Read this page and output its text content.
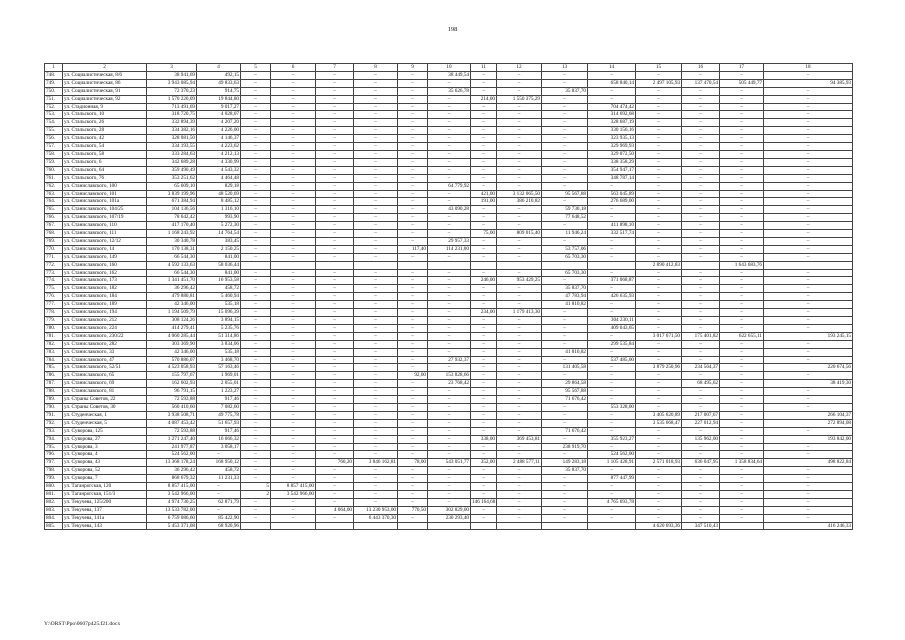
198
1	2	3	4	5	6	7	8	9	10	11	12	13	14	15	16	17	18
748.	ул. Социалистическая, 8/6	38 941,69	492,15	–	–	–	–	–	38 449,54	–	–	–	–	–	–	–	–
749.	ул. Социалистическая, 86	3 943 085,94	49 833,63	–	–	–	–	–	–	–	–	–	658 840,14	2 497 105,93	137 470,54	505 449,77	94 385,93
750.	ул. Социалистическая, 91	72 370,23	914,75	–	–	–	–	–	35 626,78	–	–	35 837,70	–	–	–	–	–
751.	ул. Социалистическая, 92	1 570 220,09	19 844,80	–	–	–	–	–	–	214,00	1 550 375,29	–	–	–	–	–	–
752.	ул. Стадионная, 9	713 491,69	9 017,27	–	–	–	–	–	–	–	–	–	704 474,42	–	–	–	–
753.	ул. Стальского, 10	318 720,75	4 028,07	–	–	–	–	–	–	–	–	–	314 692,68	–	–	–	–
754.	ул. Стальского, 26	332 894,39	4 207,20	–	–	–	–	–	–	–	–	–	328 687,19	–	–	–	–
755.	ул. Стальского, 28	334 382,16	4 226,00	–	–	–	–	–	–	–	–	–	330 156,16	–	–	–	–
756.	ул. Стальского, 42	328 081,50	4 146,37	–	–	–	–	–	–	–	–	–	323 935,13	–	–	–	–
757.	ул. Стальского, 54	334 193,55	4 223,62	–	–	–	–	–	–	–	–	–	329 969,93	–	–	–	–
758.	ул. Стальского, 58	333 284,63	4 212,13	–	–	–	–	–	–	–	–	–	329 072,50	–	–	–	–
759.	ул. Стальского, 6	342 689,28	4 330,99	–	–	–	–	–	–	–	–	–	338 358,29	–	–	–	–
760.	ул. Стальского, 64	359 490,49	4 543,32	–	–	–	–	–	–	–	–	–	354 947,17	–	–	–	–
761.	ул. Стальского, 76	353 251,62	4 464,48	–	–	–	–	–	–	–	–	–	348 787,14	–	–	–	–
762.	ул. Станиславского, 100	65 609,10	829,18	–	–	–	–	–	64 779,92	–	–	–	–	–	–	–	–
763.	ул. Станиславского, 101	3 839 199,96	48 520,69	–	–	–	–	–	–	421,00	3 132 065,50	95 567,88	563 045,89	–	–	–	–
764.	ул. Станиславского, 101а	671 384,94	8 485,12	–	–	–	–	–	–	191,00	386 210,82	–	276 689,00	–	–	–	–
765.	ул. Станиславского, 104/25	104 136,56	1 316,10	–	–	–	–	–	43 090,28	–	–	59 730,18	–	–	–	–	–
766.	ул. Станиславского, 107/19	78 642,42	993,90	–	–	–	–	–	–	–	–	77 648,52	–	–	–	–	–
767.	ул. Станиславского, 110	417 170,40	5 272,30	–	–	–	–	–	–	–	–	–	411 898,10	–	–	–	–
768.	ул. Станиславского, 111	1 168 243,92	14 764,54	–	–	–	–	–	–	75,00	809 015,40	11 946,24	332 517,74	–	–	–	–
769.	ул. Станиславского, 12/12	30 340,78	383,45	–	–	–	–	–	29 957,33	–	–	–	–	–	–	–	–
770.	ул. Станиславского, 14	170 138,31	2 150,25	–	–	–	–	117,40	114 231,00	–	–	53 757,06	–	–	–	–	–
771.	ул. Станиславского, 149	66 544,30	841,00	–	–	–	–	–	–	–	–	65 703,30	–	–	–	–	–
772.	ул. Станиславского, 160	4 592 133,63	58 036,44											2 890 412,83		1 643 683,76	
773.	ул. Станиславского, 162	66 544,30	841,00	–	–	–	–	–	–	–	–	65 703,30	–	–	–	–	–
774.	ул. Станиславского, 173	1 341 451,70	16 953,58	–	–	–	–	–	–	246,00	953 429,25	–	371 068,87	–	–	–	–
775.	ул. Станиславского, 182	36 296,42	458,72	–	–	–	–	–	–	–	–	35 837,70	–	–	–	–	–
776.	ул. Станиславского, 184	479 880,81	5 460,94	–	–	–	–	–	–	–	–	47 783,94	426 635,93	–	–	–	–
777.	ул. Станиславского, 189	42 346,00	535,18	–	–	–	–	–	–	–	–	41 810,82	–	–	–	–	–
778.	ул. Станиславского, 194	1 194 509,79	15 096,39	–	–	–	–	–	–	234,00	1 179 413,30	–	–	–	–	–	–
779.	ул. Станиславского, 212	308 124,26	3 894,15	–	–	–	–	–	–	–	–	–	304 230,11	–	–	–	–
780.	ул. Станиславского, 224	414 279,41	5 235,76	–	–	–	–	–	–	–	–	–	409 043,65	–	–	–	–
781.	ул. Станиславского, 230/22	4 060 285,44	51 314,86	–	–	–	–	–	–	–	–	–	–	3 017 671,50	175 401,82	622 655,11	193 245,15
782.	ул. Станиславского, 282	303 369,90	3 834,06	–	–	–	–	–	–	–	–	–	299 535,84	–	–	–	–
783.	ул. Станиславского, 33	42 346,00	535,18	–	–	–	–	–	–	–	–	41 810,82	–	–	–	–	–
784.	ул. Станиславского, 47	570 886,07	3 468,70	–	–	–	–	–	27 932,37	–	–	–	537 485,00	–	–	–	–
785.	ул. Станиславского, 52/51	4 523 058,93	57 163,46	–	–	–	–	–	–	–	–	131 405,58	–	3 879 250,96	234 564,37	–	220 674,56
786.	ул. Станиславского, 65	155 797,67	1 969,01	–	–	–	–	92,00	153 828,66	–	–	–	–	–	–	–	–
787.	ул. Станиславского, 69	162 602,93	2 055,01	–	–	–	–	–	23 768,42	–	–	29 864,58	–	–	68 495,62	–	38 419,30
788.	ул. Станиславского, 81	96 791,15	1 223,27	–	–	–	–	–	–	–	–	95 567,88	–	–	–	–	–
789.	ул. Страны Советов, 22	72 593,88	917,46	–	–	–	–	–	–	–	–	71 676,42	–	–	–	–	–
790.	ул. Страны Советов, 30	560 410,60	7 082,60	–	–	–	–	–	–	–	–	–	553 328,00	–	–	–	–
791.	ул. Студенческая, 1	3 938 508,71	49 775,78	–	–	–	–	–	–	–	–	–	–	3 405 620,89	217 007,67	–	266 104,37
792.	ул. Студенческая, 5	4 087 453,42	51 657,93	–	–	–	–	–	–	–	–	–	–	3 535 668,47	227 012,94	–	272 894,08
793.	ул. Суворова, 125	72 593,88	917,46	–	–	–	–	–	–	–	–	71 676,42	–	–	–	–	–
794.	ул. Суворова, 27	1 271 247,40	16 066,32	–	–	–	–	–	–	338,00	369 453,81	–	355 923,27	–	135 962,00	–	193 842,00
795.	ул. Суворова, 3	241 977,87	3 058,17	–	–	–	–	–	–	–	–	238 919,70	–	–	–	–	–
796.	ул. Суворова, 4	524 562,00	–	–	–	–	–	–	–	–	–	–	524 562,00	–	–	–	–
797.	ул. Суворова, 43	13 368 178,24	168 950,12	–	–	760,20	3 846 162,81	78,00	543 051,77	352,00	2 488 577,11	149 283,18	1 105 428,91	2 571 018,93	636 047,95	1 358 834,64	498 822,84
798.	ул. Суворова, 52	36 296,42	458,72	–	–	–	–	–	–	–	–	35 837,70	–	–	–	–	–
799.	ул. Суворова, 7	868 679,32	11 231,33	–	–	–	–	–	–	–	–	–	877 447,99	–	–	–	–
800.	ул. Таганрогская, 120	8 857 415,00	–	5	8 857 415,00	–	–	–	–	–	–	–	–	–	–	–	–
801.	ул. Таганрогская, 151/3	3 542 966,00	–	2	3 542 966,00	–	–	–	–	–	–	–	–	–	–	–	–
802.	ул. Текучева, 125/200	4 974 730,25	62 871,79	–	–	–	–	–	–	146 164,68	–	–	4 765 693,78	–	–	–	–
803.	ул. Текучева, 137	13 533 782,00	–	–	–	4 064,00	13 230 953,00	770,50	302 829,00	–	–	–	–	–	–	–	–
804.	ул. Текучева, 141а	6 759 086,60	85 422,90	–	–	–	6 443 370,30	–	230 293,40	–	–	–	–	–	–	–	–
805.	ул. Текучева, 143	5 453 371,08	68 920,96											4 620 693,36	347 510,43		416 246,33
Y:\ORST\Ppo\0607p425.f21.docx
